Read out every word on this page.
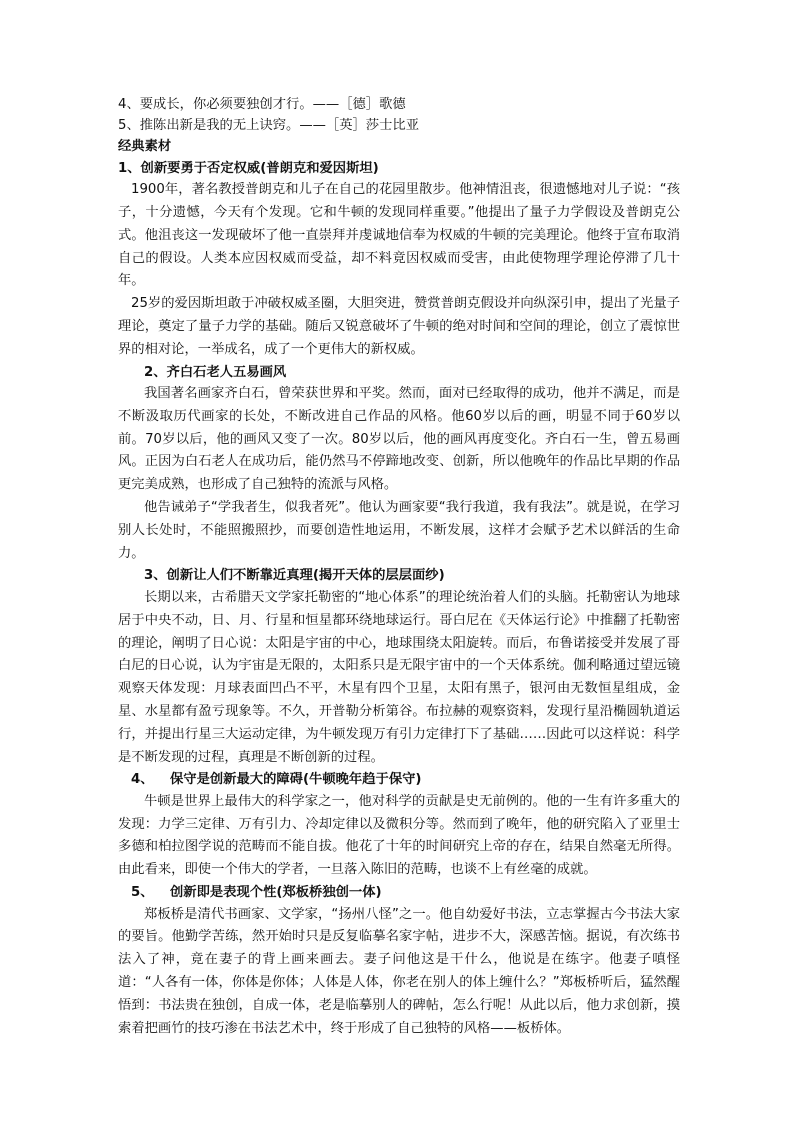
4、要成长，你必须要独创才行。——［德］歌德

5、推陈出新是我的无上诀窍。——［英］莎士比亚

经典素材

1、创新要勇于否定权威(普朗克和爱因斯坦)

1900年，著名教授普朗克和儿子在自己的花园里散步。他神情沮丧，很遗憾地对儿子说：“孩子，十分遗憾，今天有个发现。它和牛顿的发现同样重要。”他提出了量子力学假设及普朗克公式。他沮丧这一发现破坏了他一直崇拜并虔诚地信奉为权威的牛顿的完美理论。他终于宣布取消自己的假设。人类本应因权威而受益，却不料竟因权威而受害，由此使物理学理论停滞了几十年。

25岁的爱因斯坦敢于冲破权威圣圈，大胆突进，赞赏普朗克假设并向纵深引申，提出了光量子理论，奠定了量子力学的基础。随后又锐意破坏了牛顿的绝对时间和空间的理论，创立了震惊世界的相对论，一举成名，成了一个更伟大的新权威。

2、齐白石老人五易画风

我国著名画家齐白石，曾荣获世界和平奖。然而，面对已经取得的成功，他并不满足，而是不断汲取历代画家的长处，不断改进自己作品的风格。他60岁以后的画，明显不同于60岁以前。70岁以后，他的画风又变了一次。80岁以后，他的画风再度变化。齐白石一生，曾五易画风。正因为白石老人在成功后，能仍然马不停蹄地改变、创新，所以他晚年的作品比早期的作品更完美成熟，也形成了自己独特的流派与风格。

他告诫弟子“学我者生，似我者死”。他认为画家要“我行我道，我有我法”。就是说，在学习别人长处时，不能照搬照抄，而要创造性地运用，不断发展，这样才会赋予艺术以鲜活的生命力。

3、创新让人们不断靠近真理(揭开天体的层层面纱)

长期以来，古希腊天文学家托勒密的“地心体系”的理论统治着人们的头脑。托勒密认为地球居于中央不动，日、月、行星和恒星都环绕地球运行。哥白尼在《天体运行论》中推翻了托勒密的理论，阐明了日心说：太阳是宇宙的中心，地球围绕太阳旋转。而后，布鲁诺接受并发展了哥白尼的日心说，认为宇宙是无限的，太阳系只是无限宇宙中的一个天体系统。伽利略通过望远镜观察天体发现：月球表面凹凸不平，木星有四个卫星，太阳有黑子，银河由无数恒星组成，金星、水星都有盈亏现象等。不久，开普勒分析第谷。布拉赫的观察资料，发现行星沿椭圆轨道运行，并提出行星三大运动定律，为牛顿发现万有引力定律打下了基础……因此可以这样说：科学是不断发现的过程，真理是不断创新的过程。

4、 保守是创新最大的障碍(牛顿晚年趋于保守)

牛顿是世界上最伟大的科学家之一，他对科学的贡献是史无前例的。他的一生有许多重大的发现：力学三定律、万有引力、冷却定律以及微积分等。然而到了晚年，他的研究陷入了亚里士多德和柏拉图学说的范畴而不能自拔。他花了十年的时间研究上帝的存在，结果自然毫无所得。由此看来，即使一个伟大的学者，一旦落入陈旧的范畴，也谈不上有丝毫的成就。

5、 创新即是表现个性(郑板桥独创一体)

郑板桥是清代书画家、文学家，“扬州八怪”之一。他自幼爱好书法，立志掌握古今书法大家的要旨。他勤学苦练，然开始时只是反复临摹名家字帖，进步不大，深感苦恼。据说，有次练书法入了神，竟在妻子的背上画来画去。妻子问他这是干什么，他说是在练字。他妻子嗔怪道：“人各有一体，你体是你体；人体是人体，你老在别人的体上缠什么？”郑板桥听后，猛然醒悟到：书法贵在独创，自成一体，老是临摹别人的碑帖，怎么行呢！从此以后，他力求创新，摸索着把画竹的技巧渗在书法艺术中，终于形成了自己独特的风格——板桥体。
